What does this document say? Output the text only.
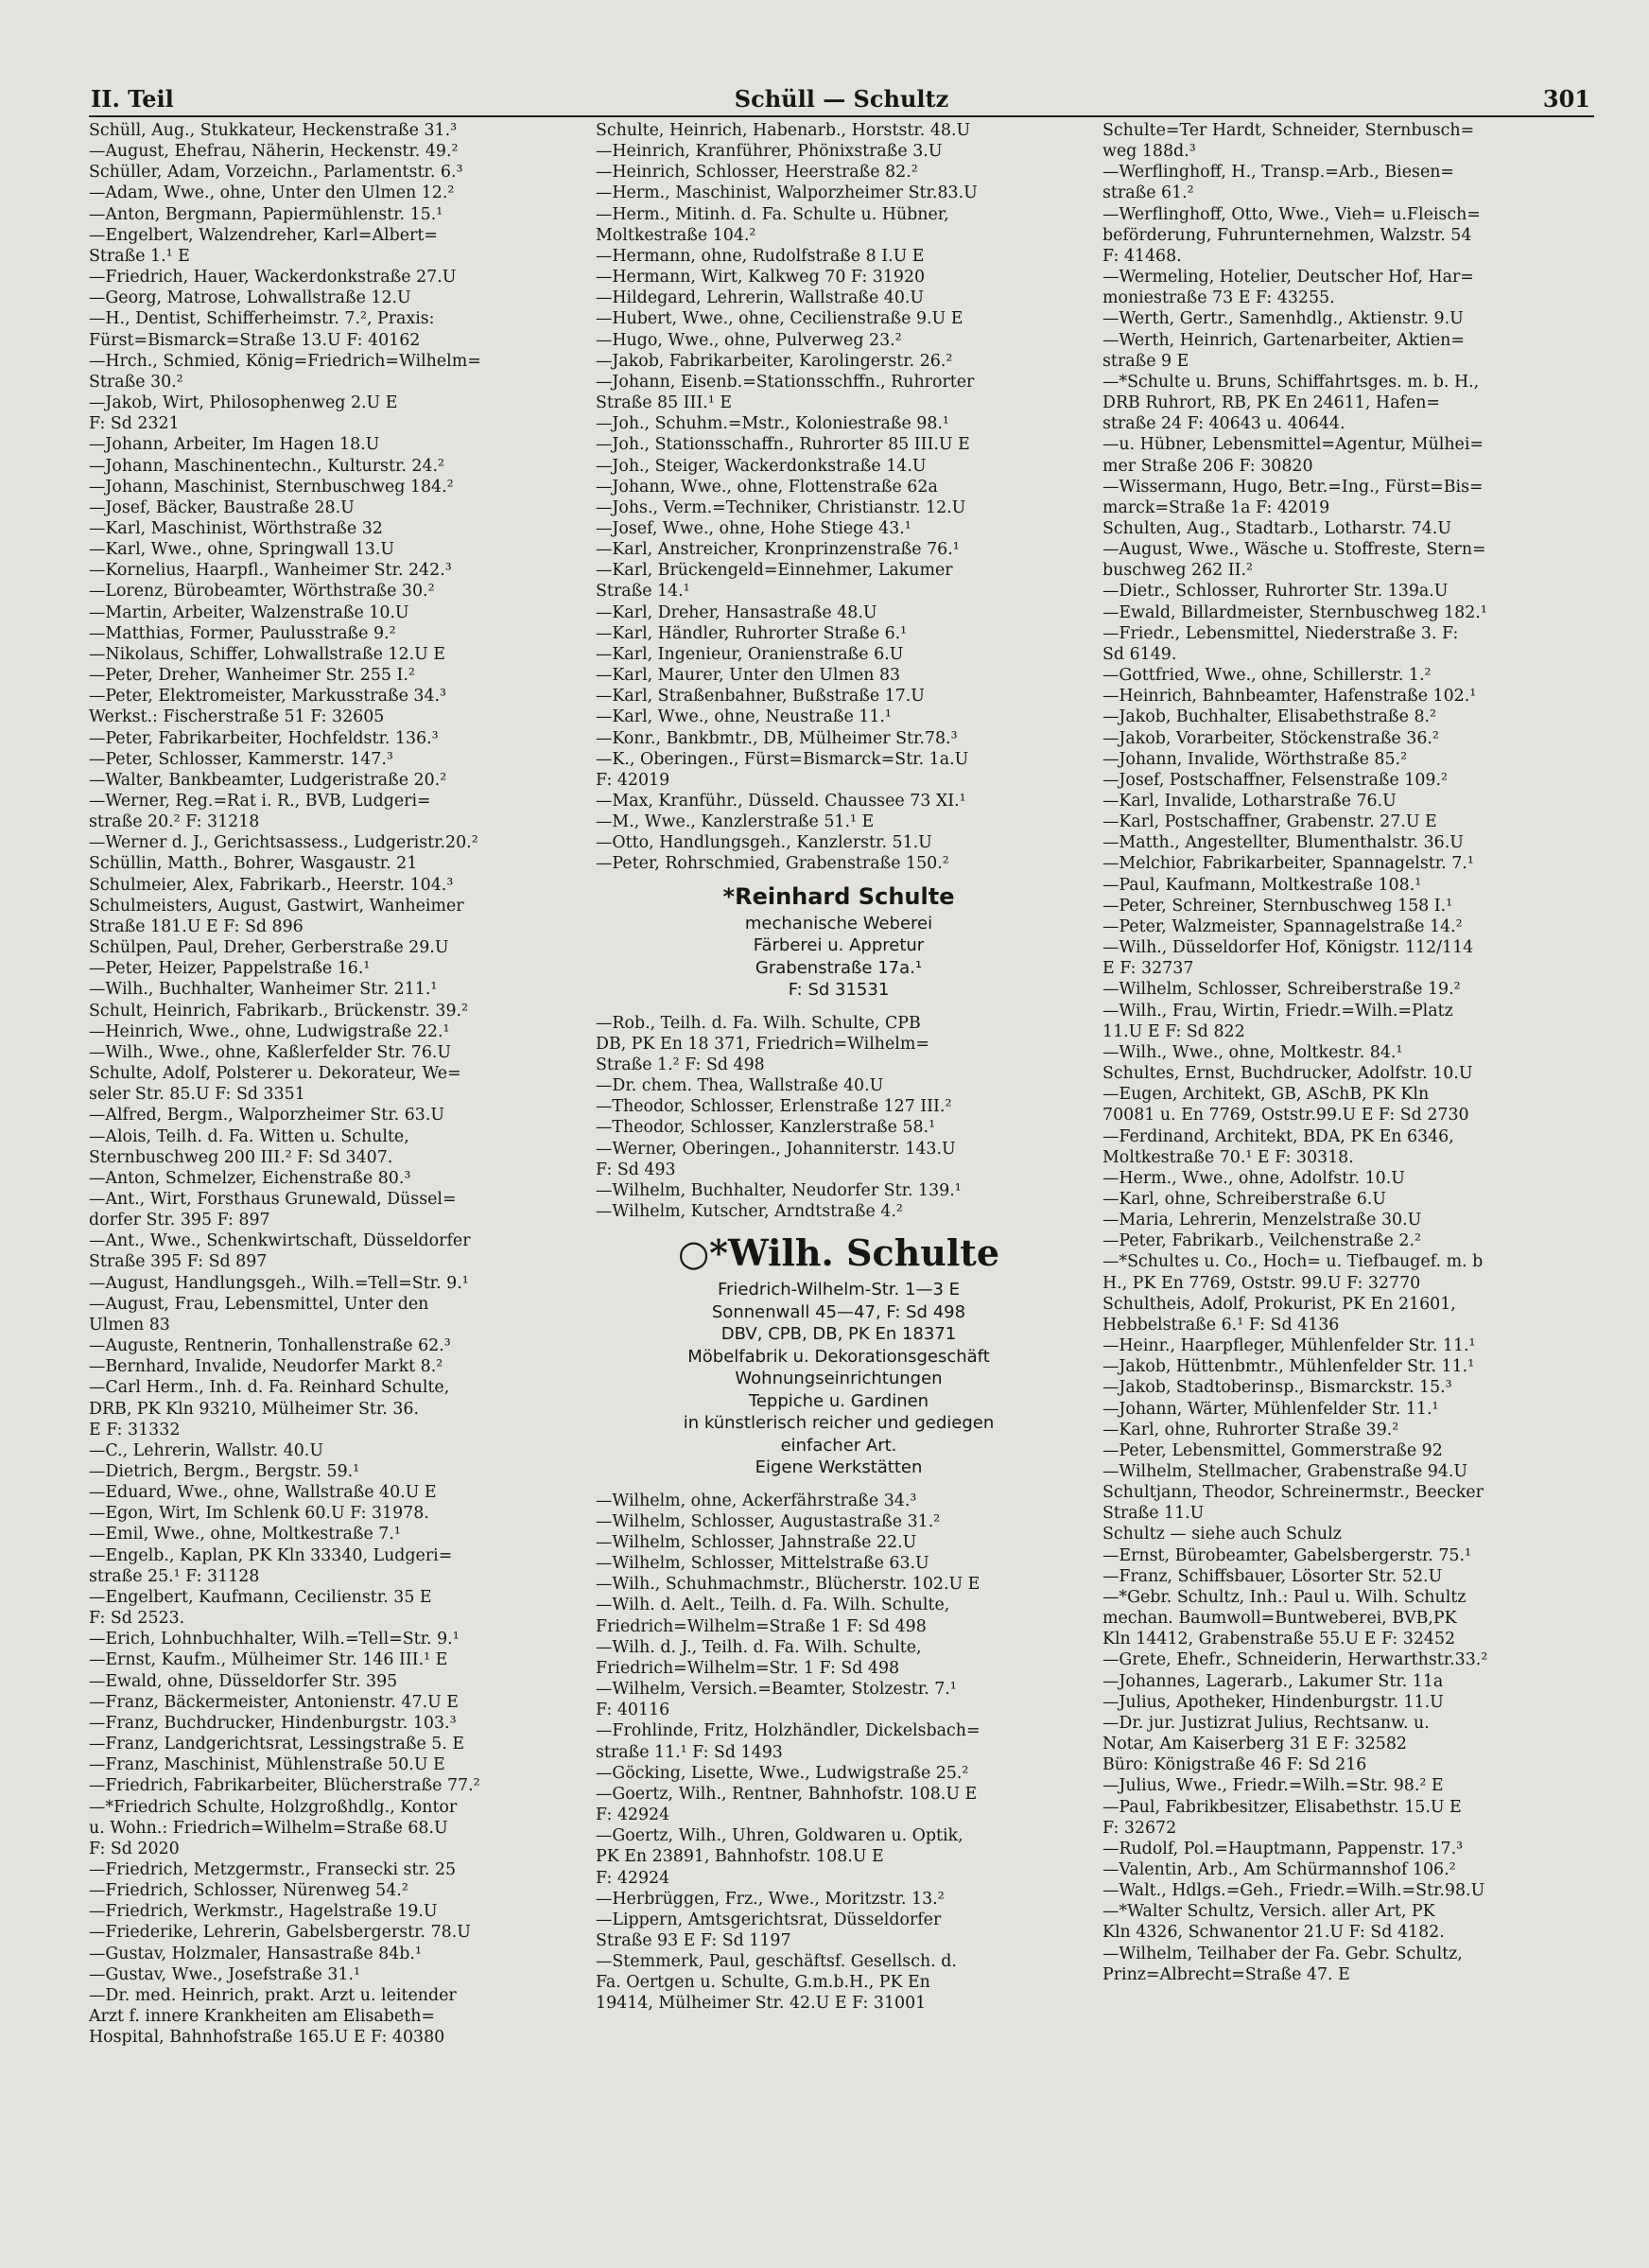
II. Teil	Schüll — Schultz	301
Schüll, Aug., Stukkateur, Heckenstraße 31.³
—August, Ehefrau, Näherin, Heckenstr. 49.²
Schüller, Adam, Vorzeichn., Parlamentstr. 6.³
—Adam, Wwe., ohne, Unter den Ulmen 12.²
—Anton, Bergmann, Papiermühlenstr. 15.¹
—Engelbert, Walzendreher, Karl=Albert=
Straße 1.¹ E
—Friedrich, Hauer, Wackerdonkstraße 27.U
—Georg, Matrose, Lohwallstraße 12.U
—H., Dentist, Schifferheimstr. 7.², Praxis:
Fürst=Bismarck=Straße 13.U F: 40162
—Hrch., Schmied, König=Friedrich=Wilhelm=
Straße 30.²
—Jakob, Wirt, Philosophenweg 2.U E
F: Sd 2321
—Johann, Arbeiter, Im Hagen 18.U
—Johann, Maschinentechn., Kulturstr. 24.²
—Johann, Maschinist, Sternbuschweg 184.²
—Josef, Bäcker, Baustraße 28.U
—Karl, Maschinist, Wörthstraße 32
—Karl, Wwe., ohne, Springwall 13.U
—Kornelius, Haarpfl., Wanheimer Str. 242.³
—Lorenz, Bürobeamter, Wörthstraße 30.²
—Martin, Arbeiter, Walzenstraße 10.U
—Matthias, Former, Paulusstraße 9.²
—Nikolaus, Schiffer, Lohwallstraße 12.U E
—Peter, Dreher, Wanheimer Str. 255 I.²
—Peter, Elektromeister, Markusstraße 34.³
Werkst.: Fischerstraße 51 F: 32605
—Peter, Fabrikarbeiter, Hochfeldstr. 136.³
—Peter, Schlosser, Kammerstr. 147.³
—Walter, Bankbeamter, Ludgeristraße 20.²
—Werner, Reg.=Rat i. R., BVB, Ludgeri=
straße 20.² F: 31218
—Werner d. J., Gerichtsassess., Ludgeristr.20.²
Schüllin, Matth., Bohrer, Wasgaustr. 21
Schulmeier, Alex, Fabrikarb., Heerstr. 104.³
Schulmeisters, August, Gastwirt, Wanheimer
Straße 181.U E F: Sd 896
Schülpen, Paul, Dreher, Gerberstraße 29.U
—Peter, Heizer, Pappelstraße 16.¹
—Wilh., Buchhalter, Wanheimer Str. 211.¹
Schult, Heinrich, Fabrikarb., Brückenstr. 39.²
—Heinrich, Wwe., ohne, Ludwigstraße 22.¹
—Wilh., Wwe., ohne, Kaßlerfelder Str. 76.U
Schulte, Adolf, Polsterer u. Dekorateur, We=
seler Str. 85.U F: Sd 3351
—Alfred, Bergm., Walporzheimer Str. 63.U
—Alois, Teilh. d. Fa. Witten u. Schulte,
Sternbuschweg 200 III.² F: Sd 3407.
—Anton, Schmelzer, Eichenstraße 80.³
—Ant., Wirt, Forsthaus Grunewald, Düssel=
dorfer Str. 395 F: 897
—Ant., Wwe., Schenkwirtschaft, Düsseldorfer
Straße 395 F: Sd 897
—August, Handlungsgeh., Wilh.=Tell=Str. 9.¹
—August, Frau, Lebensmittel, Unter den
Ulmen 83
—Auguste, Rentnerin, Tonhallenstraße 62.³
—Bernhard, Invalide, Neudorfer Markt 8.²
—Carl Herm., Inh. d. Fa. Reinhard Schulte,
DRB, PK Kln 93210, Mülheimer Str. 36.
E F: 31332
—C., Lehrerin, Wallstr. 40.U
—Dietrich, Bergm., Bergstr. 59.¹
—Eduard, Wwe., ohne, Wallstraße 40.U E
—Egon, Wirt, Im Schlenk 60.U F: 31978.
—Emil, Wwe., ohne, Moltkestraße 7.¹
—Engelb., Kaplan, PK Kln 33340, Ludgeri=
straße 25.¹ F: 31128
—Engelbert, Kaufmann, Cecilienstr. 35 E
F: Sd 2523.
—Erich, Lohnbuchhalter, Wilh.=Tell=Str. 9.¹
—Ernst, Kaufm., Mülheimer Str. 146 III.¹ E
—Ewald, ohne, Düsseldorfer Str. 395
—Franz, Bäckermeister, Antonienstr. 47.U E
—Franz, Buchdrucker, Hindenburgstr. 103.³
—Franz, Landgerichtsrat, Lessingstraße 5. E
—Franz, Maschinist, Mühlenstraße 50.U E
—Friedrich, Fabrikarbeiter, Blücherstraße 77.²
—*Friedrich Schulte, Holzgroßhdlg., Kontor
u. Wohn.: Friedrich=Wilhelm=Straße 68.U
F: Sd 2020
—Friedrich, Metzgermstr., Fransecki str. 25
—Friedrich, Schlosser, Nürenweg 54.²
—Friedrich, Werkmstr., Hagelstraße 19.U
—Friederike, Lehrerin, Gabelsbergerstr. 78.U
—Gustav, Holzmaler, Hansastraße 84b.¹
—Gustav, Wwe., Josefstraße 31.¹
—Dr. med. Heinrich, prakt. Arzt u. leitender
Arzt f. innere Krankheiten am Elisabeth=
Hospital, Bahnhofstraße 165.U E F: 40380
Schulte, Heinrich, Habenarb., Horststr. 48.U
—Heinrich, Kranführer, Phönixstraße 3.U
—Heinrich, Schlosser, Heerstraße 82.²
—Herm., Maschinist, Walporzheimer Str.83.U
—Herm., Mitinh. d. Fa. Schulte u. Hübner,
Moltkestraße 104.²
—Hermann, ohne, Rudolfstraße 8 I.U E
—Hermann, Wirt, Kalkweg 70 F: 31920
—Hildegard, Lehrerin, Wallstraße 40.U
—Hubert, Wwe., ohne, Cecilienstraße 9.U E
—Hugo, Wwe., ohne, Pulverweg 23.²
—Jakob, Fabrikarbeiter, Karolingerstr. 26.²
—Johann, Eisenb.=Stationsschffn., Ruhrorter
Straße 85 III.¹ E
—Joh., Schuhm.=Mstr., Koloniestraße 98.¹
—Joh., Stationsschaffn., Ruhrorter 85 III.U E
—Joh., Steiger, Wackerdonkstraße 14.U
—Johann, Wwe., ohne, Flottenstraße 62a
—Johs., Verm.=Techniker, Christianstr. 12.U
—Josef, Wwe., ohne, Hohe Stiege 43.¹
—Karl, Anstreicher, Kronprinzenstraße 76.¹
—Karl, Brückengeld=Einnehmer, Lakumer
Straße 14.¹
—Karl, Dreher, Hansastraße 48.U
—Karl, Händler, Ruhrorter Straße 6.¹
—Karl, Ingenieur, Oranienstraße 6.U
—Karl, Maurer, Unter den Ulmen 83
—Karl, Straßenbahner, Bußstraße 17.U
—Karl, Wwe., ohne, Neustraße 11.¹
—Konr., Bankbmtr., DB, Mülheimer Str.78.³
—K., Oberingen., Fürst=Bismarck=Str. 1a.U
F: 42019
—Max, Kranführ., Düsseld. Chaussee 73 XI.¹
—M., Wwe., Kanzlerstraße 51.¹ E
—Otto, Handlungsgeh., Kanzlerstr. 51.U
—Peter, Rohrschmied, Grabenstraße 150.²
*Reinhard Schulte
mechanische Weberei
Färberei u. Appretur
Grabenstraße 17a.¹
F: Sd 31531
—Rob., Teilh. d. Fa. Wilh. Schulte, CPB
DB, PK En 18 371, Friedrich=Wilhelm=
Straße 1.² F: Sd 498
—Dr. chem. Thea, Wallstraße 40.U
—Theodor, Schlosser, Erlenstraße 127 III.²
—Theodor, Schlosser, Kanzlerstraße 58.¹
—Werner, Oberingen., Johanniterstr. 143.U
F: Sd 493
—Wilhelm, Buchhalter, Neudorfer Str. 139.¹
—Wilhelm, Kutscher, Arndtstraße 4.²
○*Wilh. Schulte
Friedrich-Wilhelm-Str. 1—3 E
Sonnenwall 45—47, F: Sd 498
DBV, CPB, DB, PK En 18371
Möbelfabrik u. Dekorationsgeschäft
Wohnungseinrichtungen
Teppiche u. Gardinen
in künstlerisch reicher und gediegen
einfacher Art.
Eigene Werkstätten
—Wilhelm, ohne, Ackerfährstraße 34.³
—Wilhelm, Schlosser, Augustastraße 31.²
—Wilhelm, Schlosser, Jahnstraße 22.U
—Wilhelm, Schlosser, Mittelstraße 63.U
—Wilh., Schuhmachmstr., Blücherstr. 102.U E
—Wilh. d. Aelt., Teilh. d. Fa. Wilh. Schulte,
Friedrich=Wilhelm=Straße 1 F: Sd 498
—Wilh. d. J., Teilh. d. Fa. Wilh. Schulte,
Friedrich=Wilhelm=Str. 1 F: Sd 498
—Wilhelm, Versich.=Beamter, Stolzestr. 7.¹
F: 40116
—Frohlinde, Fritz, Holzhändler, Dickelsbach=
straße 11.¹ F: Sd 1493
—Göcking, Lisette, Wwe., Ludwigstraße 25.²
—Goertz, Wilh., Rentner, Bahnhofstr. 108.U E
F: 42924
—Goertz, Wilh., Uhren, Goldwaren u. Optik,
PK En 23891, Bahnhofstr. 108.U E
F: 42924
—Herbrüggen, Frz., Wwe., Moritzstr. 13.²
—Lippern, Amtsgerichtsrat, Düsseldorfer
Straße 93 E F: Sd 1197
—Stemmerk, Paul, geschäftsf. Gesellsch. d.
Fa. Oertgen u. Schulte, G.m.b.H., PK En
19414, Mülheimer Str. 42.U E F: 31001
Schulte=Ter Hardt, Schneider, Sternbusch=
weg 188d.³
—Werflinghoff, H., Transp.=Arb., Biesen=
straße 61.²
—Werflinghoff, Otto, Wwe., Vieh= u.Fleisch=
beförderung, Fuhrunternehmen, Walzstr. 54
F: 41468.
—Wermeling, Hotelier, Deutscher Hof, Har=
moniestraße 73 E F: 43255.
—Werth, Gertr., Samenhdlg., Aktienstr. 9.U
—Werth, Heinrich, Gartenarbeiter, Aktien=
straße 9 E
—*Schulte u. Bruns, Schiffahrtsges. m. b. H.,
DRB Ruhrort, RB, PK En 24611, Hafen=
straße 24 F: 40643 u. 40644.
—u. Hübner, Lebensmittel=Agentur, Mülhei=
mer Straße 206 F: 30820
—Wissermann, Hugo, Betr.=Ing., Fürst=Bis=
marck=Straße 1a F: 42019
Schulten, Aug., Stadtarb., Lotharstr. 74.U
—August, Wwe., Wäsche u. Stoffreste, Stern=
buschweg 262 II.²
—Dietr., Schlosser, Ruhrorter Str. 139a.U
—Ewald, Billardmeister, Sternbuschweg 182.¹
—Friedr., Lebensmittel, Niederstraße 3. F:
Sd 6149.
—Gottfried, Wwe., ohne, Schillerstr. 1.²
—Heinrich, Bahnbeamter, Hafenstraße 102.¹
—Jakob, Buchhalter, Elisabethstraße 8.²
—Jakob, Vorarbeiter, Stöckenstraße 36.²
—Johann, Invalide, Wörthstraße 85.²
—Josef, Postschaffner, Felsenstraße 109.²
—Karl, Invalide, Lotharstraße 76.U
—Karl, Postschaffner, Grabenstr. 27.U E
—Matth., Angestellter, Blumenthalstr. 36.U
—Melchior, Fabrikarbeiter, Spannagelstr. 7.¹
—Paul, Kaufmann, Moltkestraße 108.¹
—Peter, Schreiner, Sternbuschweg 158 I.¹
—Peter, Walzmeister, Spannagelstraße 14.²
—Wilh., Düsseldorfer Hof, Königstr. 112/114
E F: 32737
—Wilhelm, Schlosser, Schreiberstraße 19.²
—Wilh., Frau, Wirtin, Friedr.=Wilh.=Platz
11.U E F: Sd 822
—Wilh., Wwe., ohne, Moltkestr. 84.¹
Schultes, Ernst, Buchdrucker, Adolfstr. 10.U
—Eugen, Architekt, GB, ASchB, PK Kln
70081 u. En 7769, Oststr.99.U E F: Sd 2730
—Ferdinand, Architekt, BDA, PK En 6346,
Moltkestraße 70.¹ E F: 30318.
—Herm., Wwe., ohne, Adolfstr. 10.U
—Karl, ohne, Schreiberstraße 6.U
—Maria, Lehrerin, Menzelstraße 30.U
—Peter, Fabrikarb., Veilchenstraße 2.²
—*Schultes u. Co., Hoch= u. Tiefbaugef. m. b
H., PK En 7769, Oststr. 99.U F: 32770
Schultheis, Adolf, Prokurist, PK En 21601,
Hebbelstraße 6.¹ F: Sd 4136
—Heinr., Haarpfleger, Mühlenfelder Str. 11.¹
—Jakob, Hüttenbmtr., Mühlenfelder Str. 11.¹
—Jakob, Stadtoberinsp., Bismarckstr. 15.³
—Johann, Wärter, Mühlenfelder Str. 11.¹
—Karl, ohne, Ruhrorter Straße 39.²
—Peter, Lebensmittel, Gommerstraße 92
—Wilhelm, Stellmacher, Grabenstraße 94.U
Schultjann, Theodor, Schreinermstr., Beecker
Straße 11.U
Schultz — siehe auch Schulz
—Ernst, Bürobeamter, Gabelsbergerstr. 75.¹
—Franz, Schiffsbauer, Lösorter Str. 52.U
—*Gebr. Schultz, Inh.: Paul u. Wilh. Schultz
mechan. Baumwoll=Buntweberei, BVB,PK
Kln 14412, Grabenstraße 55.U E F: 32452
—Grete, Ehefr., Schneiderin, Herwarthstr.33.²
—Johannes, Lagerarb., Lakumer Str. 11a
—Julius, Apotheker, Hindenburgstr. 11.U
—Dr. jur. Justizrat Julius, Rechtsanw. u.
Notar, Am Kaiserberg 31 E F: 32582
Büro: Königstraße 46 F: Sd 216
—Julius, Wwe., Friedr.=Wilh.=Str. 98.² E
—Paul, Fabrikbesitzer, Elisabethstr. 15.U E
F: 32672
—Rudolf, Pol.=Hauptmann, Pappenstr. 17.³
—Valentin, Arb., Am Schürmannshof 106.²
—Walt., Hdlgs.=Geh., Friedr.=Wilh.=Str.98.U
—*Walter Schultz, Versich. aller Art, PK
Kln 4326, Schwanentor 21.U F: Sd 4182.
—Wilhelm, Teilhaber der Fa. Gebr. Schultz,
Prinz=Albrecht=Straße 47. E
